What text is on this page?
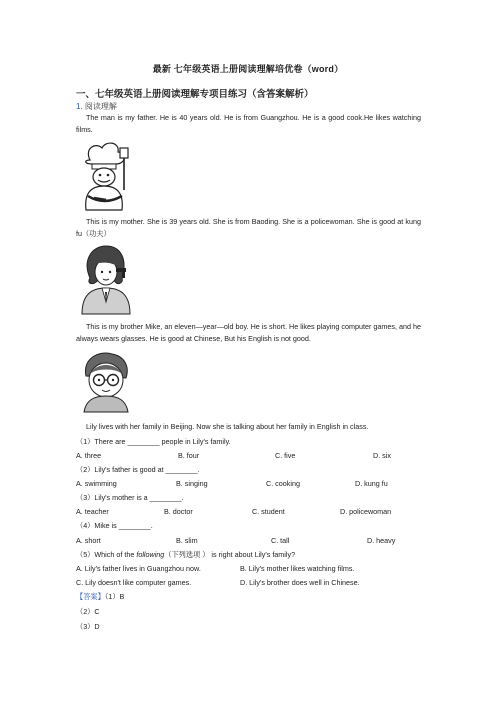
最新 七年级英语上册阅读理解培优卷（word）
一、七年级英语上册阅读理解专项目练习（含答案解析）
1. 阅读理解
The man is my father. He is 40 years old. He is from Guangzhou. He is a good cook.He likes watching films.
This is my mother. She is 39 years old. She is from Baoding. She is a policewoman. She is good at kung fu（功夫）
This is my brother Mike, an eleven—year—old boy. He is short. He likes playing computer games, and he always wears glasses. He is good at Chinese, But his English is not good.
Lily lives with her family in Beijing. Now she is talking about her family in English in class.
（1）There are ________ people in Lily's family.
A. three	B. four	C. five	D. six
（2）Lily's father is good at ________.
A. swimming	B. singing	C. cooking	D. kung fu
（3）Lily's mother is a ________.
A. teacher	B. doctor	C. student	D. policewoman
（4）Mike is ________.
A. short	B. slim	C. tall	D. heavy
（5）Which of the following（下列选项 ） is right about Lily's family?
A. Lily's father lives in Guangzhou now.	B. Lily's mother likes watching films.
C. Lily doesn't like computer games.	D. Lily's brother does well in Chinese.
【答案】（1）B
（2）C
（3）D
